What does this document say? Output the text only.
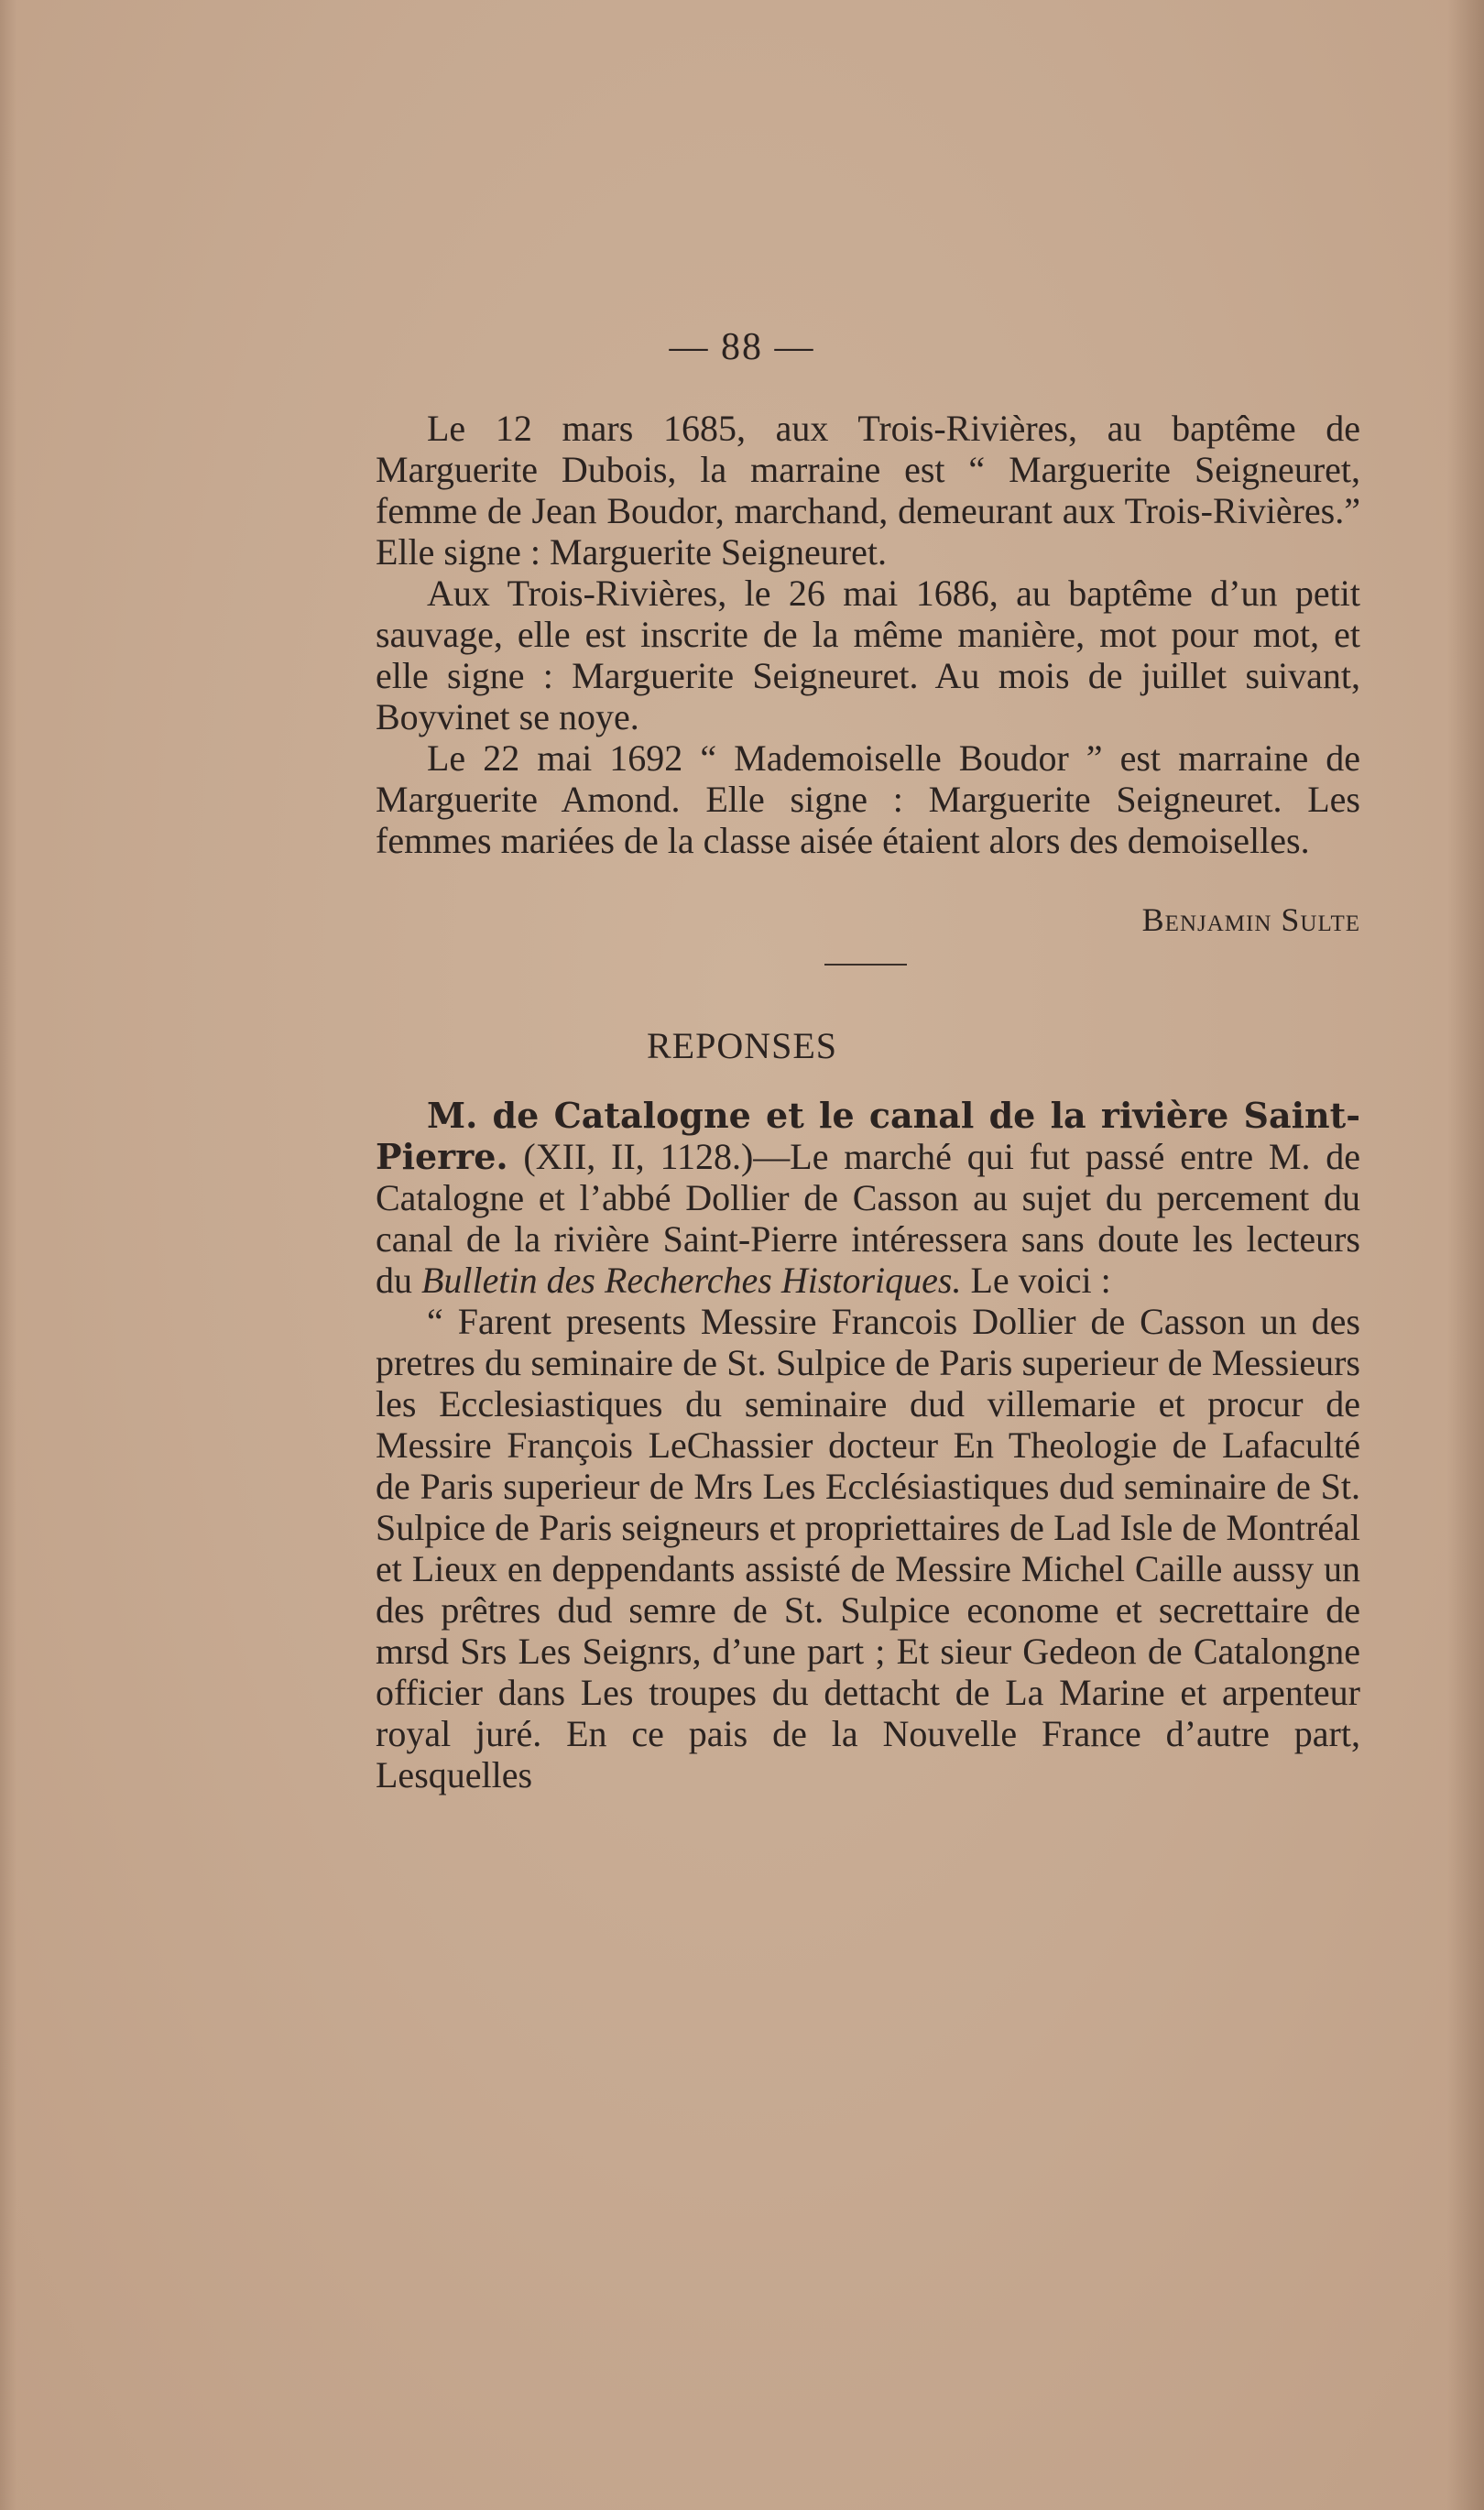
— 88 —

Le 12 mars 1685, aux Trois-Rivières, au baptême de Marguerite Dubois, la marraine est “ Marguerite Seigneuret, femme de Jean Boudor, marchand, demeurant aux Trois-Rivières.” Elle signe : Marguerite Seigneuret.

Aux Trois-Rivières, le 26 mai 1686, au baptême d’un petit sauvage, elle est inscrite de la même manière, mot pour mot, et elle signe : Marguerite Seigneuret. Au mois de juillet suivant, Boyvinet se noye.

Le 22 mai 1692 “ Mademoiselle Boudor ” est marraine de Marguerite Amond. Elle signe : Marguerite Seigneuret. Les femmes mariées de la classe aisée étaient alors des demoiselles.

Benjamin Sulte
REPONSES

M. de Catalogne et le canal de la rivière Saint-Pierre. (XII, II, 1128.)—Le marché qui fut passé entre M. de Catalogne et l’abbé Dollier de Casson au sujet du percement du canal de la rivière Saint-Pierre intéressera sans doute les lecteurs du Bulletin des Recherches Historiques. Le voici :

“ Farent presents Messire Francois Dollier de Casson un des pretres du seminaire de St. Sulpice de Paris superieur de Messieurs les Ecclesiastiques du seminaire dud villemarie et procur de Messire François LeChassier docteur En Theologie de Lafaculté de Paris superieur de Mrs Les Ecclésiastiques dud seminaire de St. Sulpice de Paris seigneurs et propriettaires de Lad Isle de Montréal et Lieux en deppendants assisté de Messire Michel Caille aussy un des prêtres dud semre de St. Sulpice econome et secrettaire de mrsd Srs Les Seignrs, d’une part ; Et sieur Gedeon de Catalongne officier dans Les troupes du dettacht de La Marine et arpenteur royal juré. En ce pais de la Nouvelle France d’autre part, Lesquelles
